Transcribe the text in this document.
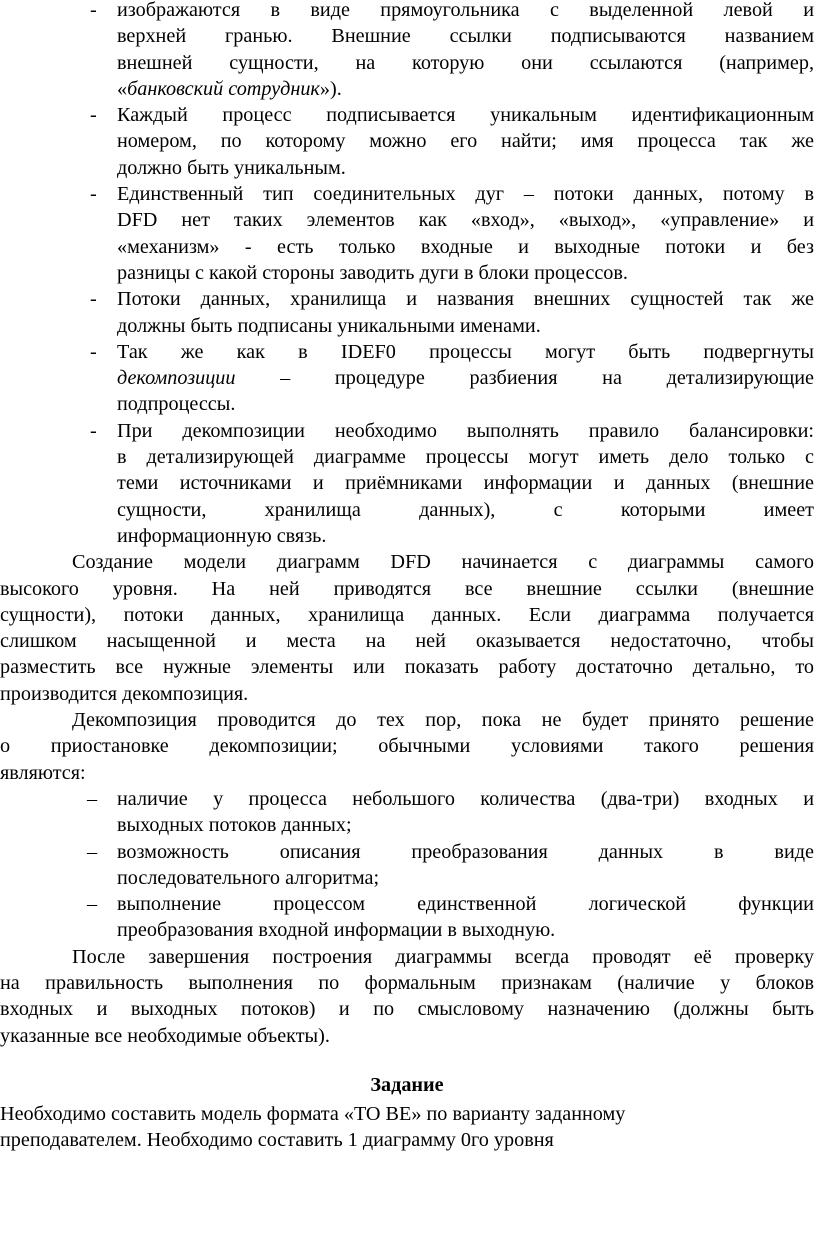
-	изображаются в виде прямоугольника с выделенной левой и
верхней гранью. Внешние ссылки подписываются названием
внешней сущности, на которую они ссылаются (например,
«банковский сотрудник»).
-	Каждый процесс подписывается уникальным идентификационным
номером, по которому можно его найти; имя процесса так же
должно быть уникальным.
-	Единственный тип соединительных дуг – потоки данных, потому в
DFD нет таких элементов как «вход», «выход», «управление» и
«механизм» - есть только входные и выходные потоки и без
разницы с какой стороны заводить дуги в блоки процессов.
-	Потоки данных, хранилища и названия внешних сущностей так же
должны быть подписаны уникальными именами.
-	Так же как в IDEF0 процессы могут быть подвергнуты
декомпозиции – процедуре разбиения на детализирующие
подпроцессы.
-	При декомпозиции необходимо выполнять правило балансировки:
в детализирующей диаграмме процессы могут иметь дело только с
теми источниками и приёмниками информации и данных (внешние
сущности, хранилища данных), с которыми имеет
информационную связь.
Создание модели диаграмм DFD начинается с диаграммы самого
высокого уровня. На ней приводятся все внешние ссылки (внешние
сущности), потоки данных, хранилища данных. Если диаграмма получается
слишком насыщенной и места на ней оказывается недостаточно, чтобы
разместить все нужные элементы или показать работу достаточно детально, то
производится декомпозиция.
Декомпозиция проводится до тех пор, пока не будет принято решение
о приостановке декомпозиции; обычными условиями такого решения
являются:
– наличие у процесса небольшого количества (два-три) входных и
выходных потоков данных;
– возможность описания преобразования данных в виде
последовательного алгоритма;
– выполнение процессом единственной логической функции
преобразования входной информации в выходную.
После завершения построения диаграммы всегда проводят её проверку
на правильность выполнения по формальным признакам (наличие у блоков
входных и выходных потоков) и по смысловому назначению (должны быть
указанные все необходимые объекты).
Задание
Необходимо составить модель формата «TO BE» по варианту заданному
преподавателем. Необходимо составить 1 диаграмму 0го уровня
